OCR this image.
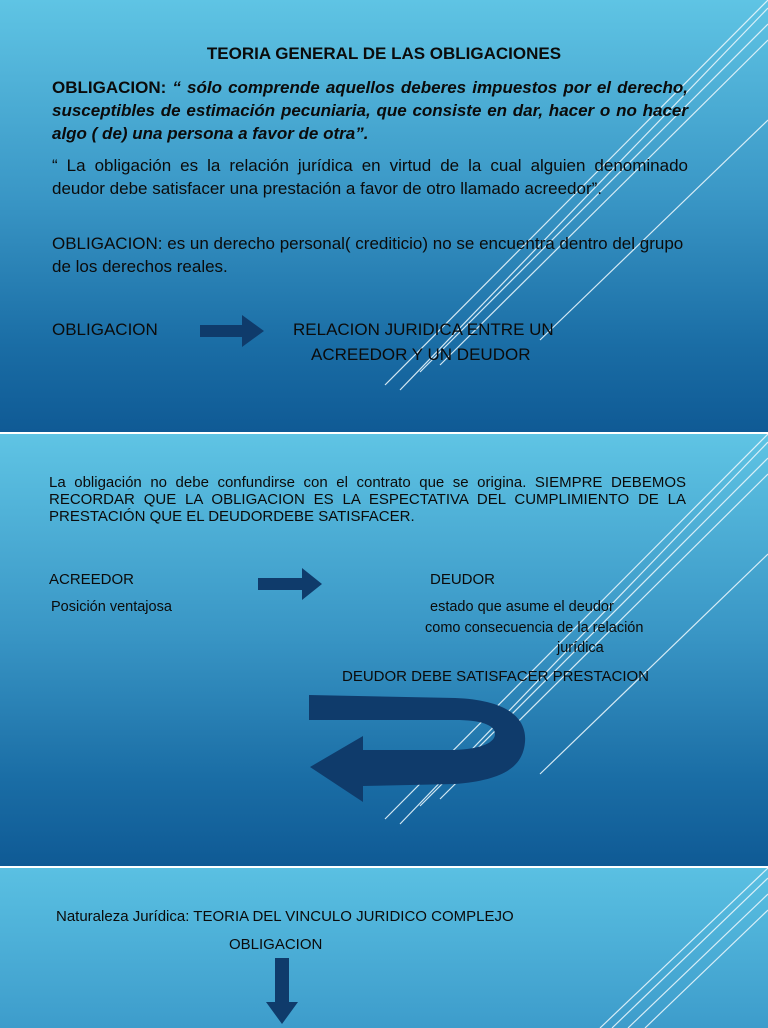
TEORIA GENERAL DE LAS OBLIGACIONES
OBLIGACION: “ sólo comprende aquellos deberes impuestos por el derecho, susceptibles de estimación pecuniaria, que consiste en dar, hacer o no hacer algo ( de) una persona a favor de otra”.
“ La obligación es la relación jurídica en virtud de la cual alguien denominado deudor debe satisfacer una prestación a favor de otro llamado acreedor”.
OBLIGACION: es un derecho personal( crediticio) no se encuentra dentro del grupo de los derechos reales.
OBLIGACION	RELACION JURIDICA ENTRE UN
ACREEDOR Y UN DEUDOR
La obligación no debe confundirse con el contrato que se origina. SIEMPRE DEBEMOS RECORDAR QUE LA OBLIGACION ES LA ESPECTATIVA DEL CUMPLIMIENTO DE LA PRESTACIÓN QUE EL DEUDORDEBE SATISFACER.
ACREEDOR	DEUDOR
Posición ventajosa	estado que asume el deudor
como consecuencia de la relación
jurídica
DEUDOR DEBE SATISFACER PRESTACION
Naturaleza Jurídica: TEORIA DEL VINCULO JURIDICO COMPLEJO
OBLIGACION
